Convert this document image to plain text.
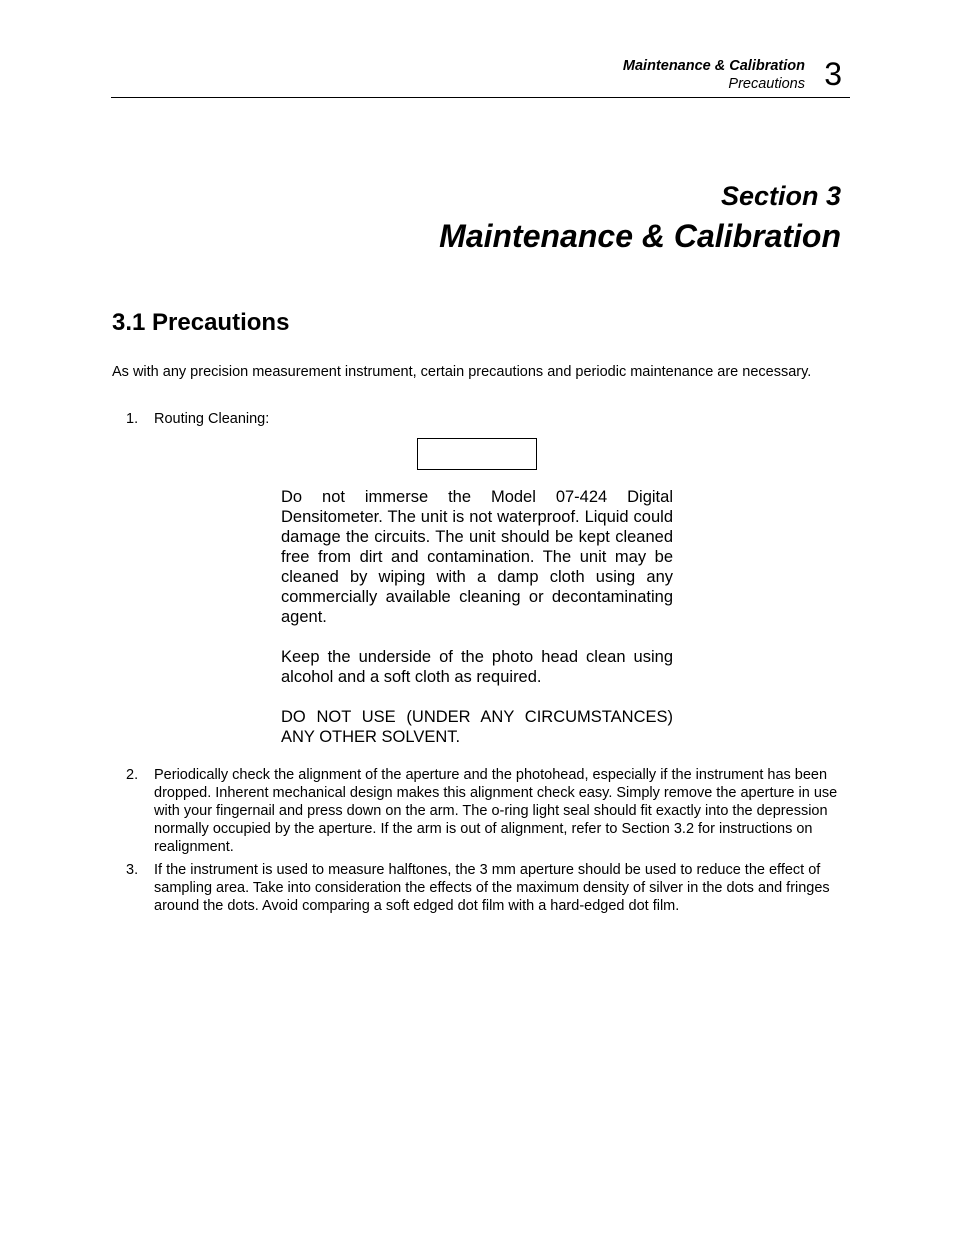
Maintenance & Calibration
Precautions 3
Section 3
Maintenance & Calibration
3.1 Precautions
As with any precision measurement instrument, certain precautions and periodic maintenance are necessary.
1. Routing Cleaning:

Do not immerse the Model 07-424 Digital Densitometer. The unit is not waterproof. Liquid could damage the circuits. The unit should be kept cleaned free from dirt and contamination. The unit may be cleaned by wiping with a damp cloth using any commercially available cleaning or decontaminating agent.

Keep the underside of the photo head clean using alcohol and a soft cloth as required.

DO NOT USE (UNDER ANY CIRCUMSTANCES) ANY OTHER SOLVENT.

2. Periodically check the alignment of the aperture and the photohead, especially if the instrument has been dropped. Inherent mechanical design makes this alignment check easy. Simply remove the aperture in use with your fingernail and press down on the arm. The o-ring light seal should fit exactly into the depression normally occupied by the aperture. If the arm is out of alignment, refer to Section 3.2 for instructions on realignment.
3. If the instrument is used to measure halftones, the 3 mm aperture should be used to reduce the effect of sampling area. Take into consideration the effects of the maximum density of silver in the dots and fringes around the dots. Avoid comparing a soft edged dot film with a hard-edged dot film.
